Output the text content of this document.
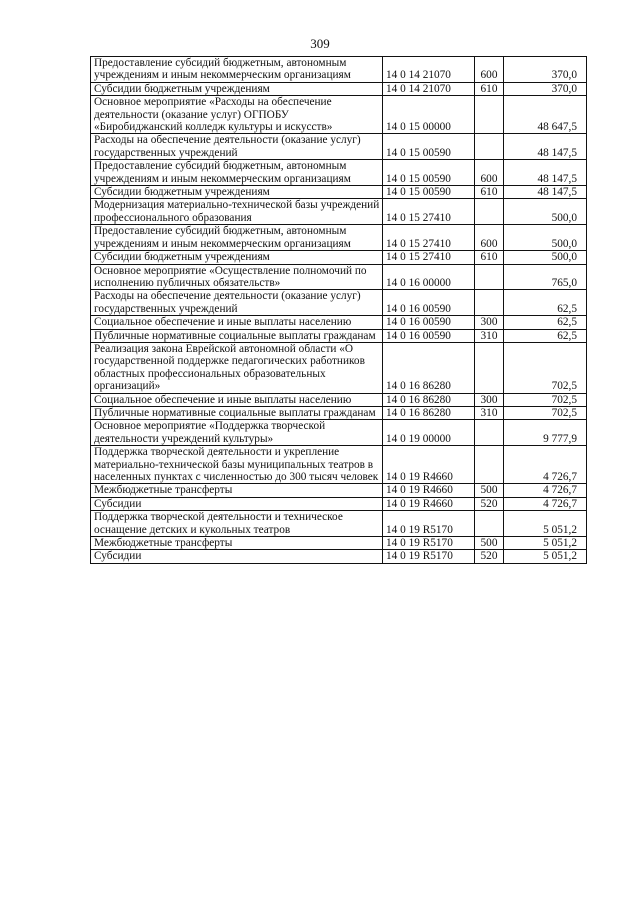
309
Предоставление субсидий бюджетным, автономным учреждениям и иным некоммерческим организациям	14 0 14 21070	600	370,0
Субсидии бюджетным учреждениям	14 0 14 21070	610	370,0
Основное мероприятие «Расходы на обеспечение деятельности (оказание услуг) ОГПОБУ «Биробиджанский колледж культуры и искусств»	14 0 15 00000		48 647,5
Расходы на обеспечение деятельности (оказание услуг) государственных учреждений	14 0 15 00590		48 147,5
Предоставление субсидий бюджетным, автономным учреждениям и иным некоммерческим организациям	14 0 15 00590	600	48 147,5
Субсидии бюджетным учреждениям	14 0 15 00590	610	48 147,5
Модернизация материально-технической базы учреждений профессионального образования	14 0 15 27410		500,0
Предоставление субсидий бюджетным, автономным учреждениям и иным некоммерческим организациям	14 0 15 27410	600	500,0
Субсидии бюджетным учреждениям	14 0 15 27410	610	500,0
Основное мероприятие «Осуществление полномочий по исполнению публичных обязательств»	14 0 16 00000		765,0
Расходы на обеспечение деятельности (оказание услуг) государственных учреждений	14 0 16 00590		62,5
Социальное обеспечение и иные выплаты населению	14 0 16 00590	300	62,5
Публичные нормативные социальные выплаты гражданам	14 0 16 00590	310	62,5
Реализация закона Еврейской автономной области «О государственной поддержке педагогических работников областных профессиональных образовательных организаций»	14 0 16 86280		702,5
Социальное обеспечение и иные выплаты населению	14 0 16 86280	300	702,5
Публичные нормативные социальные выплаты гражданам	14 0 16 86280	310	702,5
Основное мероприятие «Поддержка творческой деятельности учреждений культуры»	14 0 19 00000		9 777,9
Поддержка творческой деятельности и укрепление материально-технической базы муниципальных театров в населенных пунктах с численностью до 300 тысяч человек	14 0 19 R4660		4 726,7
Межбюджетные трансферты	14 0 19 R4660	500	4 726,7
Субсидии	14 0 19 R4660	520	4 726,7
Поддержка творческой деятельности и техническое оснащение детских и кукольных театров	14 0 19 R5170		5 051,2
Межбюджетные трансферты	14 0 19 R5170	500	5 051,2
Субсидии	14 0 19 R5170	520	5 051,2
